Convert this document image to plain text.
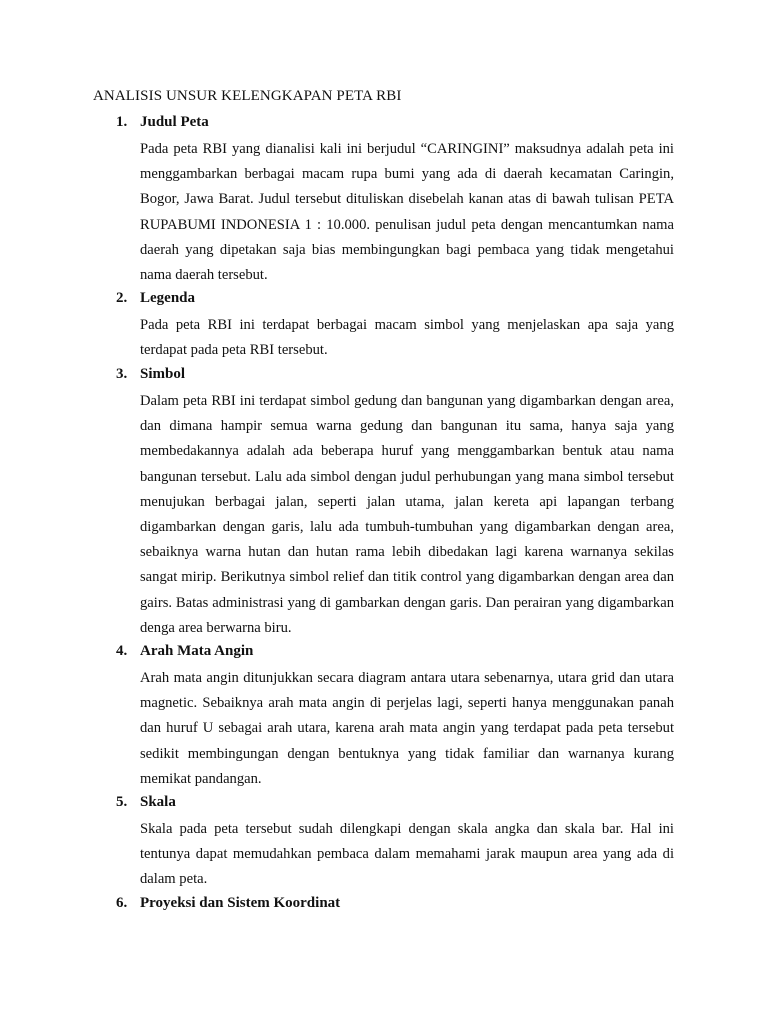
ANALISIS UNSUR KELENGKAPAN PETA RBI
1. Judul Peta

Pada peta RBI yang dianalisi kali ini berjudul “CARINGINI” maksudnya adalah peta ini menggambarkan berbagai macam rupa bumi yang ada di daerah kecamatan Caringin, Bogor, Jawa Barat. Judul tersebut dituliskan disebelah kanan atas di bawah tulisan PETA RUPABUMI INDONESIA 1 : 10.000. penulisan judul peta dengan mencantumkan nama daerah yang dipetakan saja bias membingungkan bagi pembaca yang tidak mengetahui nama daerah tersebut.

2. Legenda

Pada peta RBI ini terdapat berbagai macam simbol yang menjelaskan apa saja yang terdapat pada peta RBI tersebut.

3. Simbol

Dalam peta RBI ini terdapat simbol gedung dan bangunan yang digambarkan dengan area, dan dimana hampir semua warna gedung dan bangunan itu sama, hanya saja yang membedakannya adalah ada beberapa huruf yang menggambarkan bentuk atau nama bangunan tersebut. Lalu ada simbol dengan judul perhubungan yang mana simbol tersebut menujukan berbagai jalan, seperti jalan utama, jalan kereta api lapangan terbang digambarkan dengan garis, lalu ada tumbuh-tumbuhan yang digambarkan dengan area, sebaiknya warna hutan dan hutan rama lebih dibedakan lagi karena warnanya sekilas sangat mirip. Berikutnya simbol relief dan titik control yang digambarkan dengan area dan gairs. Batas administrasi yang di gambarkan dengan garis. Dan perairan yang digambarkan denga area berwarna biru.

4. Arah Mata Angin

Arah mata angin ditunjukkan secara diagram antara utara sebenarnya, utara grid dan utara magnetic. Sebaiknya arah mata angin di perjelas lagi, seperti hanya menggunakan panah dan huruf U sebagai arah utara, karena arah mata angin yang terdapat pada peta tersebut sedikit membingungan dengan bentuknya yang tidak familiar dan warnanya kurang memikat pandangan.

5. Skala

Skala pada peta tersebut sudah dilengkapi dengan skala angka dan skala bar. Hal ini tentunya dapat memudahkan pembaca dalam memahami jarak maupun area yang ada di dalam peta.

6. Proyeksi dan Sistem Koordinat
